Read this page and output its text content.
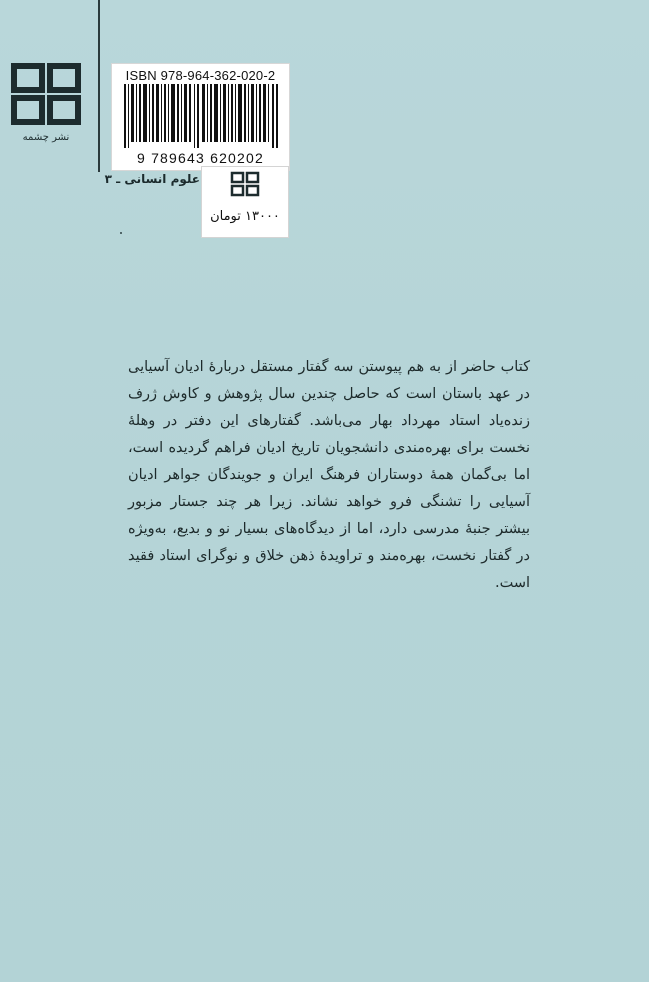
نشر چشمه
ISBN 978-964-362-020-2
9 789643 620202
علوم انسانی ـ ۳
۱۳۰۰۰ تومان

کتاب حاضر از به هم پیوستن سه گفتار مستقل دربارهٔ ادیان آسیایی در عهد باستان است که حاصل چندین سال پژوهش و کاوش ژرف زنده‌یاد استاد مهرداد بهار می‌باشد. گفتارهای این دفتر در وهلهٔ نخست برای بهره‌مندی دانشجویان تاریخ ادیان فراهم گردیده است، اما بی‌گمان همهٔ دوستاران فرهنگ ایران و جویندگان جواهر ادیان آسیایی را تشنگی فرو خواهد نشاند. زیرا هر چند جستار مزبور بیشتر جنبهٔ مدرسی دارد، اما از دیدگاه‌های بسیار نو و بدیع، به‌ویژه در گفتار نخست، بهره‌مند و تراویدهٔ ذهن خلاق و نوگرای استاد فقید است.
